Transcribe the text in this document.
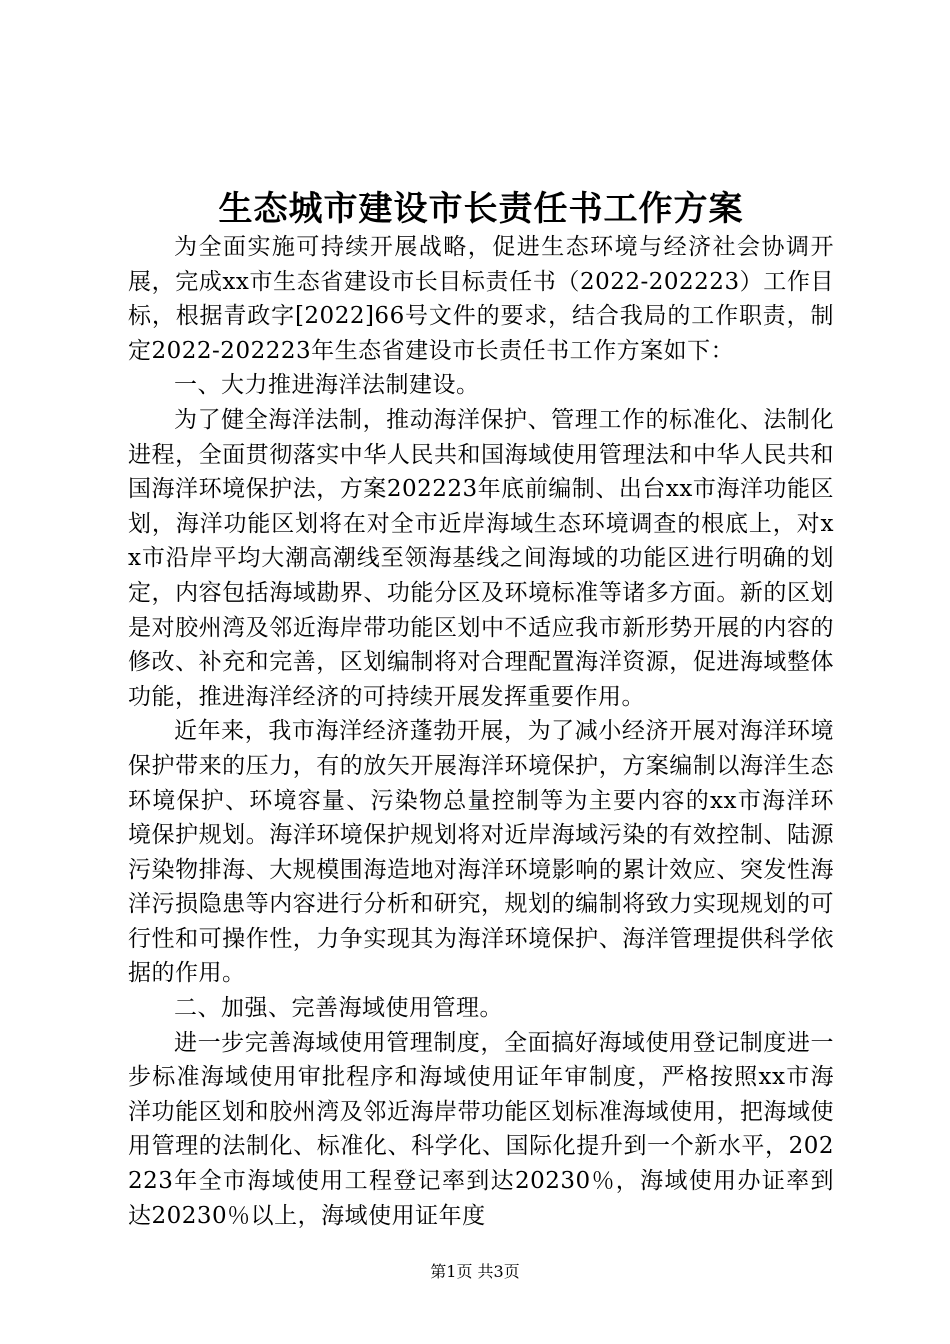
生态城市建设市长责任书工作方案

为全面实施可持续开展战略，促进生态环境与经济社会协调开展，完成xx市生态省建设市长目标责任书（2022-202223）工作目标，根据青政字[2022]66号文件的要求，结合我局的工作职责，制定2022-202223年生态省建设市长责任书工作方案如下：

一、大力推进海洋法制建设。

为了健全海洋法制，推动海洋保护、管理工作的标准化、法制化进程，全面贯彻落实中华人民共和国海域使用管理法和中华人民共和国海洋环境保护法，方案202223年底前编制、出台xx市海洋功能区划，海洋功能区划将在对全市近岸海域生态环境调查的根底上，对xx市沿岸平均大潮高潮线至领海基线之间海域的功能区进行明确的划定，内容包括海域勘界、功能分区及环境标准等诸多方面。新的区划是对胶州湾及邻近海岸带功能区划中不适应我市新形势开展的内容的修改、补充和完善，区划编制将对合理配置海洋资源，促进海域整体功能，推进海洋经济的可持续开展发挥重要作用。

近年来，我市海洋经济蓬勃开展，为了减小经济开展对海洋环境保护带来的压力，有的放矢开展海洋环境保护，方案编制以海洋生态环境保护、环境容量、污染物总量控制等为主要内容的xx市海洋环境保护规划。海洋环境保护规划将对近岸海域污染的有效控制、陆源污染物排海、大规模围海造地对海洋环境影响的累计效应、突发性海洋污损隐患等内容进行分析和研究，规划的编制将致力实现规划的可行性和可操作性，力争实现其为海洋环境保护、海洋管理提供科学依据的作用。

二、加强、完善海域使用管理。

进一步完善海域使用管理制度，全面搞好海域使用登记制度进一步标准海域使用审批程序和海域使用证年审制度，严格按照xx市海洋功能区划和胶州湾及邻近海岸带功能区划标准海域使用，把海域使用管理的法制化、标准化、科学化、国际化提升到一个新水平，202223年全市海域使用工程登记率到达20230％，海域使用办证率到达20230％以上，海域使用证年度

第1页 共3页
